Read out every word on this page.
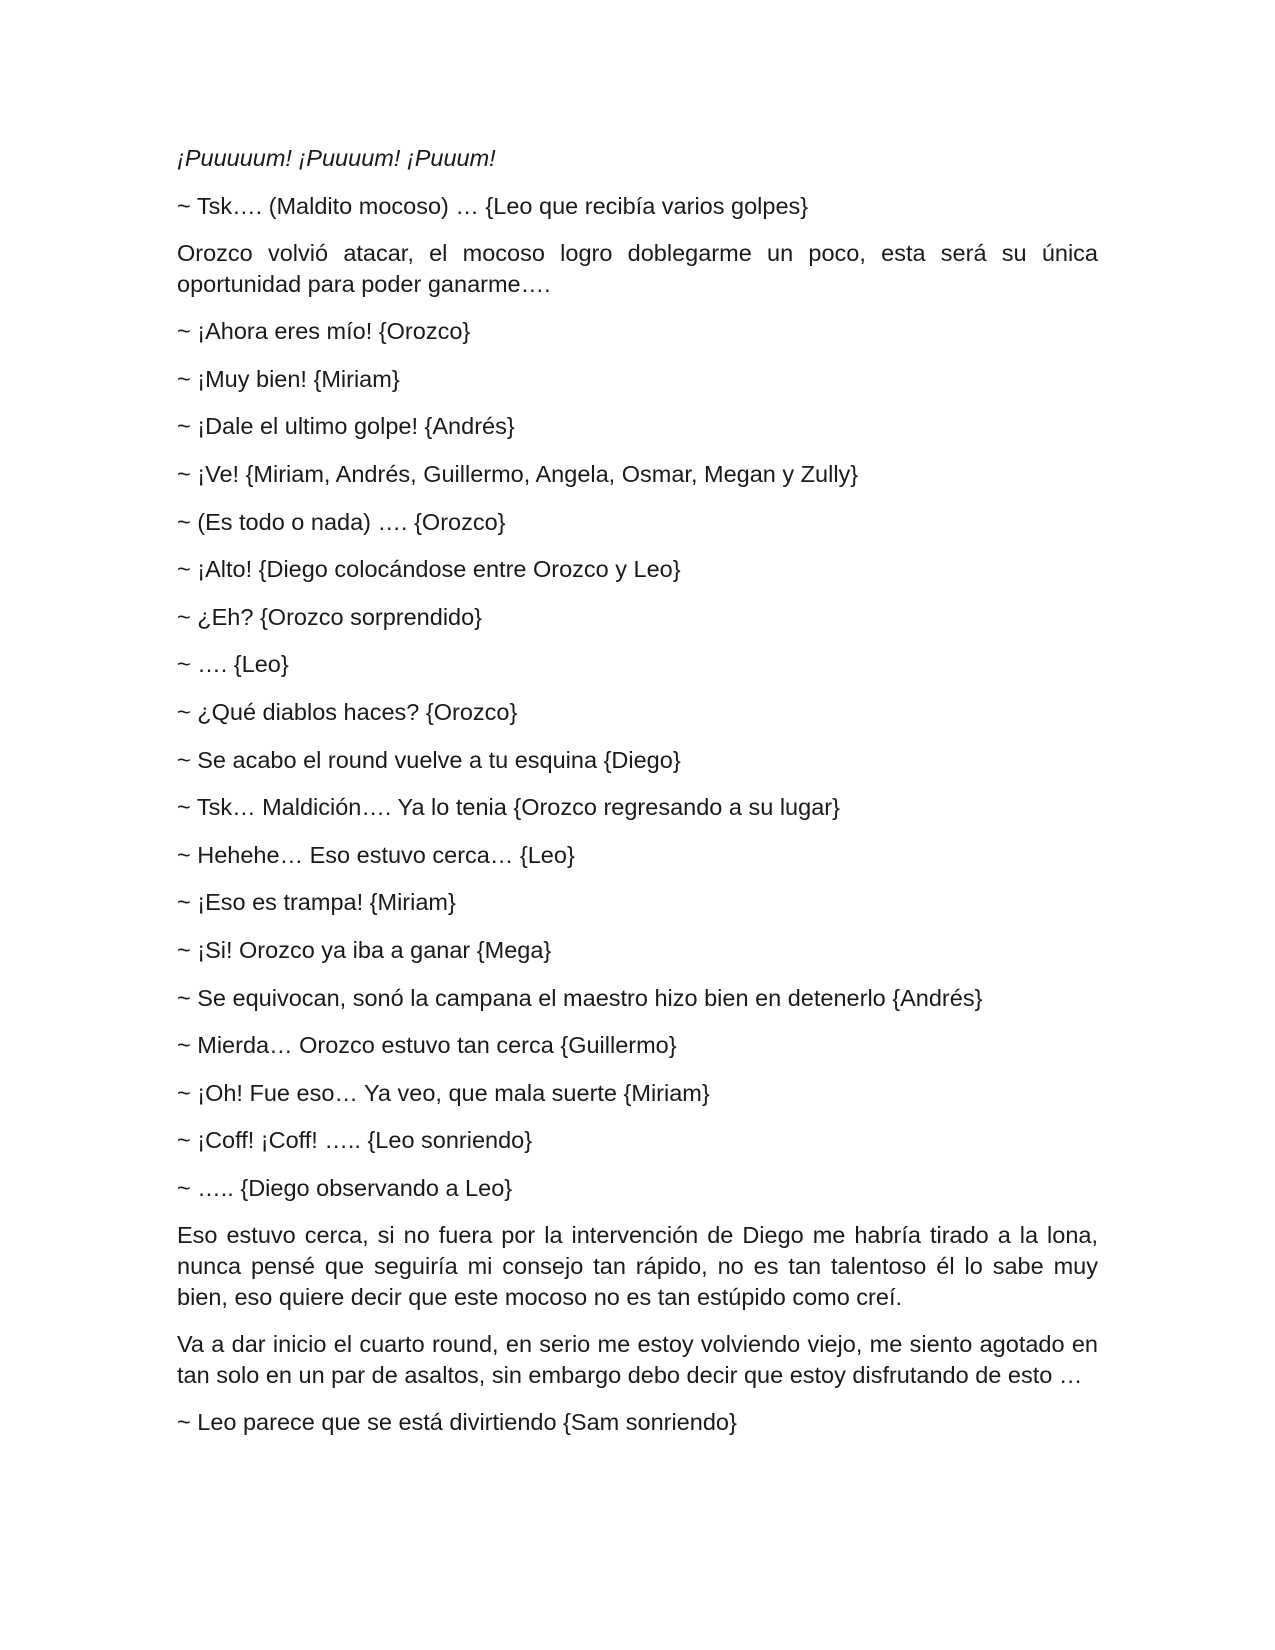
¡Puuuuum! ¡Puuuum! ¡Puuum!

~ Tsk…. (Maldito mocoso) … {Leo que recibía varios golpes}

Orozco volvió atacar, el mocoso logro doblegarme un poco, esta será su única oportunidad para poder ganarme….

~ ¡Ahora eres mío! {Orozco}

~ ¡Muy bien! {Miriam}

~ ¡Dale el ultimo golpe! {Andrés}

~ ¡Ve! {Miriam, Andrés, Guillermo, Angela, Osmar, Megan y Zully}

~ (Es todo o nada) …. {Orozco}

~ ¡Alto! {Diego colocándose entre Orozco y Leo}

~ ¿Eh? {Orozco sorprendido}

~ …. {Leo}

~ ¿Qué diablos haces? {Orozco}

~ Se acabo el round vuelve a tu esquina {Diego}

~ Tsk… Maldición…. Ya lo tenia {Orozco regresando a su lugar}

~ Hehehe… Eso estuvo cerca… {Leo}

~ ¡Eso es trampa! {Miriam}

~ ¡Si! Orozco ya iba a ganar {Mega}

~ Se equivocan, sonó la campana el maestro hizo bien en detenerlo {Andrés}

~ Mierda… Orozco estuvo tan cerca {Guillermo}

~ ¡Oh! Fue eso… Ya veo, que mala suerte {Miriam}

~ ¡Coff! ¡Coff! ….. {Leo sonriendo}

~ ….. {Diego observando a Leo}

Eso estuvo cerca, si no fuera por la intervención de Diego me habría tirado a la lona, nunca pensé que seguiría mi consejo tan rápido, no es tan talentoso él lo sabe muy bien, eso quiere decir que este mocoso no es tan estúpido como creí.

Va a dar inicio el cuarto round, en serio me estoy volviendo viejo, me siento agotado en tan solo en un par de asaltos, sin embargo debo decir que estoy disfrutando de esto …

~ Leo parece que se está divirtiendo {Sam sonriendo}
